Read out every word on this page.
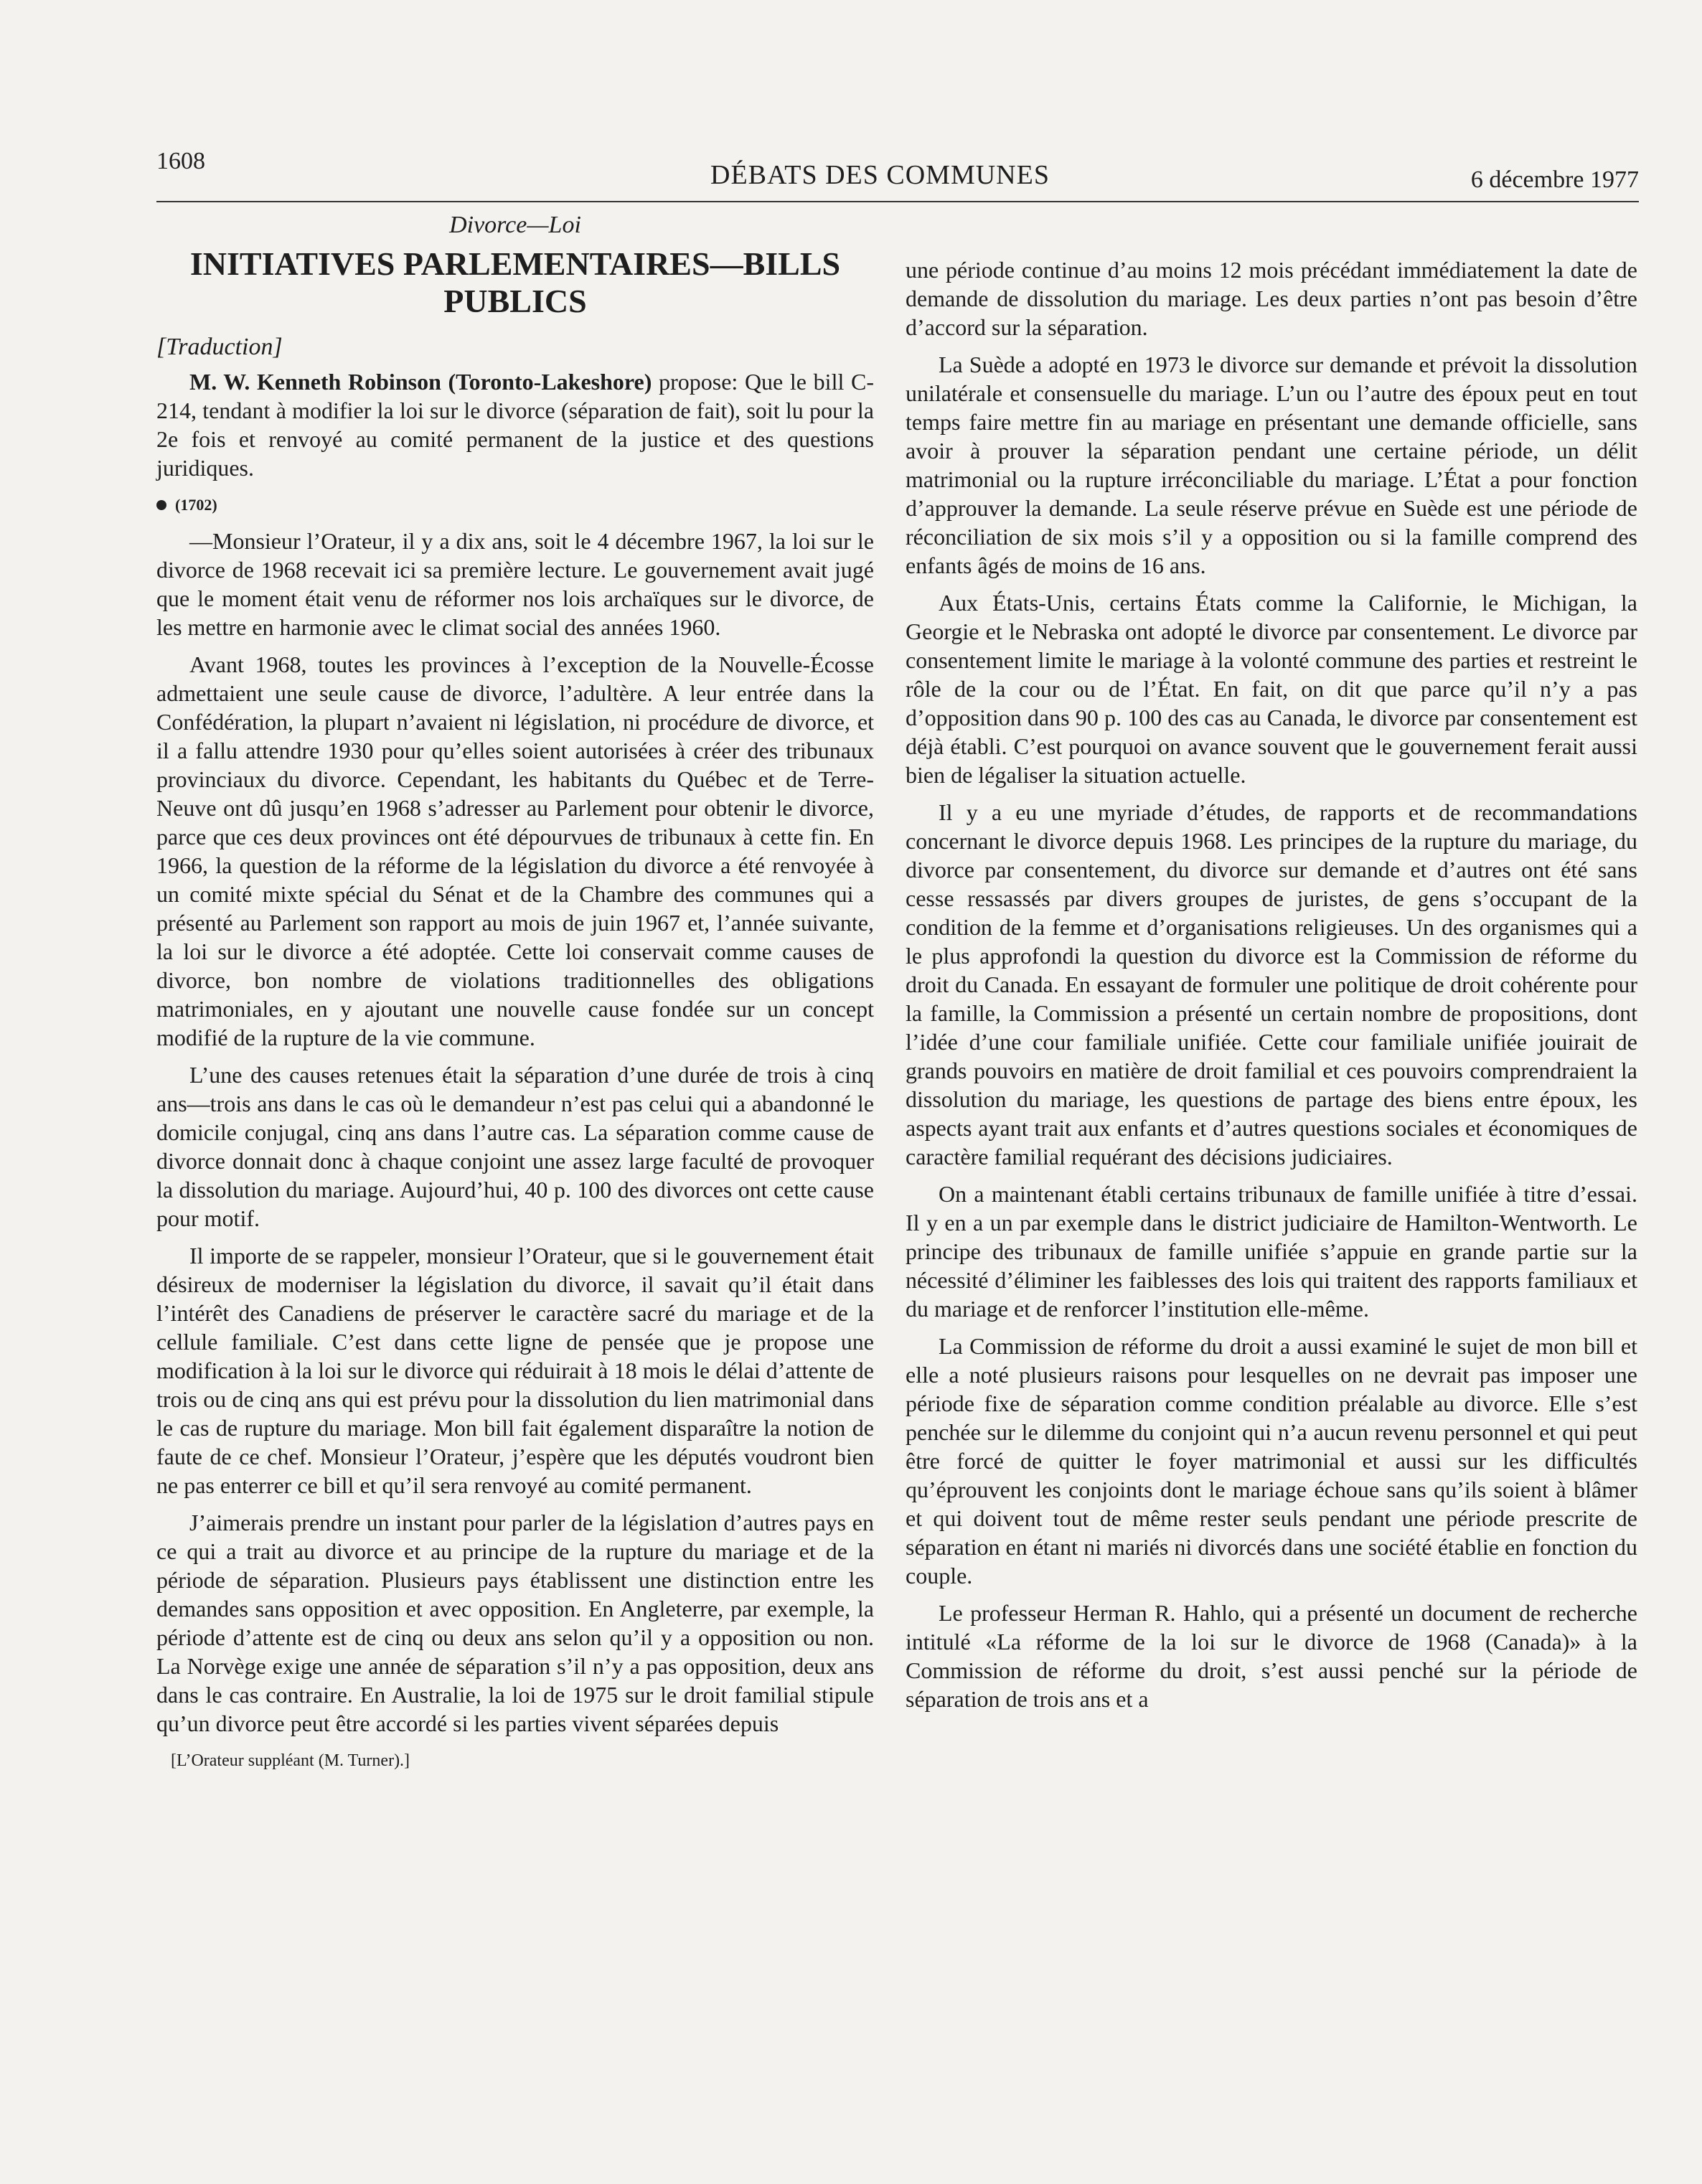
1608	DÉBATS DES COMMUNES	6 décembre 1977
Divorce—Loi
INITIATIVES PARLEMENTAIRES—BILLS PUBLICS
[Traduction]

M. W. Kenneth Robinson (Toronto-Lakeshore) propose: Que le bill C-214, tendant à modifier la loi sur le divorce (séparation de fait), soit lu pour la 2e fois et renvoyé au comité permanent de la justice et des questions juridiques.

(1702)

—Monsieur l’Orateur, il y a dix ans, soit le 4 décembre 1967, la loi sur le divorce de 1968 recevait ici sa première lecture. Le gouvernement avait jugé que le moment était venu de réformer nos lois archaïques sur le divorce, de les mettre en harmonie avec le climat social des années 1960.

Avant 1968, toutes les provinces à l’exception de la Nouvelle-Écosse admettaient une seule cause de divorce, l’adultère. A leur entrée dans la Confédération, la plupart n’avaient ni législation, ni procédure de divorce, et il a fallu attendre 1930 pour qu’elles soient autorisées à créer des tribunaux provinciaux du divorce. Cependant, les habitants du Québec et de Terre-Neuve ont dû jusqu’en 1968 s’adresser au Parlement pour obtenir le divorce, parce que ces deux provinces ont été dépourvues de tribunaux à cette fin. En 1966, la question de la réforme de la législation du divorce a été renvoyée à un comité mixte spécial du Sénat et de la Chambre des communes qui a présenté au Parlement son rapport au mois de juin 1967 et, l’année suivante, la loi sur le divorce a été adoptée. Cette loi conservait comme causes de divorce, bon nombre de violations traditionnelles des obligations matrimoniales, en y ajoutant une nouvelle cause fondée sur un concept modifié de la rupture de la vie commune.

L’une des causes retenues était la séparation d’une durée de trois à cinq ans—trois ans dans le cas où le demandeur n’est pas celui qui a abandonné le domicile conjugal, cinq ans dans l’autre cas. La séparation comme cause de divorce donnait donc à chaque conjoint une assez large faculté de provoquer la dissolution du mariage. Aujourd’hui, 40 p. 100 des divorces ont cette cause pour motif.

Il importe de se rappeler, monsieur l’Orateur, que si le gouvernement était désireux de moderniser la législation du divorce, il savait qu’il était dans l’intérêt des Canadiens de préserver le caractère sacré du mariage et de la cellule familiale. C’est dans cette ligne de pensée que je propose une modification à la loi sur le divorce qui réduirait à 18 mois le délai d’attente de trois ou de cinq ans qui est prévu pour la dissolution du lien matrimonial dans le cas de rupture du mariage. Mon bill fait également disparaître la notion de faute de ce chef. Monsieur l’Orateur, j’espère que les députés voudront bien ne pas enterrer ce bill et qu’il sera renvoyé au comité permanent.

J’aimerais prendre un instant pour parler de la législation d’autres pays en ce qui a trait au divorce et au principe de la rupture du mariage et de la période de séparation. Plusieurs pays établissent une distinction entre les demandes sans opposition et avec opposition. En Angleterre, par exemple, la période d’attente est de cinq ou deux ans selon qu’il y a opposition ou non. La Norvège exige une année de séparation s’il n’y a pas opposition, deux ans dans le cas contraire. En Australie, la loi de 1975 sur le droit familial stipule qu’un divorce peut être accordé si les parties vivent séparées depuis

[L’Orateur suppléant (M. Turner).]

une période continue d’au moins 12 mois précédant immédiatement la date de demande de dissolution du mariage. Les deux parties n’ont pas besoin d’être d’accord sur la séparation.

La Suède a adopté en 1973 le divorce sur demande et prévoit la dissolution unilatérale et consensuelle du mariage. L’un ou l’autre des époux peut en tout temps faire mettre fin au mariage en présentant une demande officielle, sans avoir à prouver la séparation pendant une certaine période, un délit matrimonial ou la rupture irréconciliable du mariage. L’État a pour fonction d’approuver la demande. La seule réserve prévue en Suède est une période de réconciliation de six mois s’il y a opposition ou si la famille comprend des enfants âgés de moins de 16 ans.

Aux États-Unis, certains États comme la Californie, le Michigan, la Georgie et le Nebraska ont adopté le divorce par consentement. Le divorce par consentement limite le mariage à la volonté commune des parties et restreint le rôle de la cour ou de l’État. En fait, on dit que parce qu’il n’y a pas d’opposition dans 90 p. 100 des cas au Canada, le divorce par consentement est déjà établi. C’est pourquoi on avance souvent que le gouvernement ferait aussi bien de légaliser la situation actuelle.

Il y a eu une myriade d’études, de rapports et de recommandations concernant le divorce depuis 1968. Les principes de la rupture du mariage, du divorce par consentement, du divorce sur demande et d’autres ont été sans cesse ressassés par divers groupes de juristes, de gens s’occupant de la condition de la femme et d’organisations religieuses. Un des organismes qui a le plus approfondi la question du divorce est la Commission de réforme du droit du Canada. En essayant de formuler une politique de droit cohérente pour la famille, la Commission a présenté un certain nombre de propositions, dont l’idée d’une cour familiale unifiée. Cette cour familiale unifiée jouirait de grands pouvoirs en matière de droit familial et ces pouvoirs comprendraient la dissolution du mariage, les questions de partage des biens entre époux, les aspects ayant trait aux enfants et d’autres questions sociales et économiques de caractère familial requérant des décisions judiciaires.

On a maintenant établi certains tribunaux de famille unifiée à titre d’essai. Il y en a un par exemple dans le district judiciaire de Hamilton-Wentworth. Le principe des tribunaux de famille unifiée s’appuie en grande partie sur la nécessité d’éliminer les faiblesses des lois qui traitent des rapports familiaux et du mariage et de renforcer l’institution elle-même.

La Commission de réforme du droit a aussi examiné le sujet de mon bill et elle a noté plusieurs raisons pour lesquelles on ne devrait pas imposer une période fixe de séparation comme condition préalable au divorce. Elle s’est penchée sur le dilemme du conjoint qui n’a aucun revenu personnel et qui peut être forcé de quitter le foyer matrimonial et aussi sur les difficultés qu’éprouvent les conjoints dont le mariage échoue sans qu’ils soient à blâmer et qui doivent tout de même rester seuls pendant une période prescrite de séparation en étant ni mariés ni divorcés dans une société établie en fonction du couple.

Le professeur Herman R. Hahlo, qui a présenté un document de recherche intitulé «La réforme de la loi sur le divorce de 1968 (Canada)» à la Commission de réforme du droit, s’est aussi penché sur la période de séparation de trois ans et a
